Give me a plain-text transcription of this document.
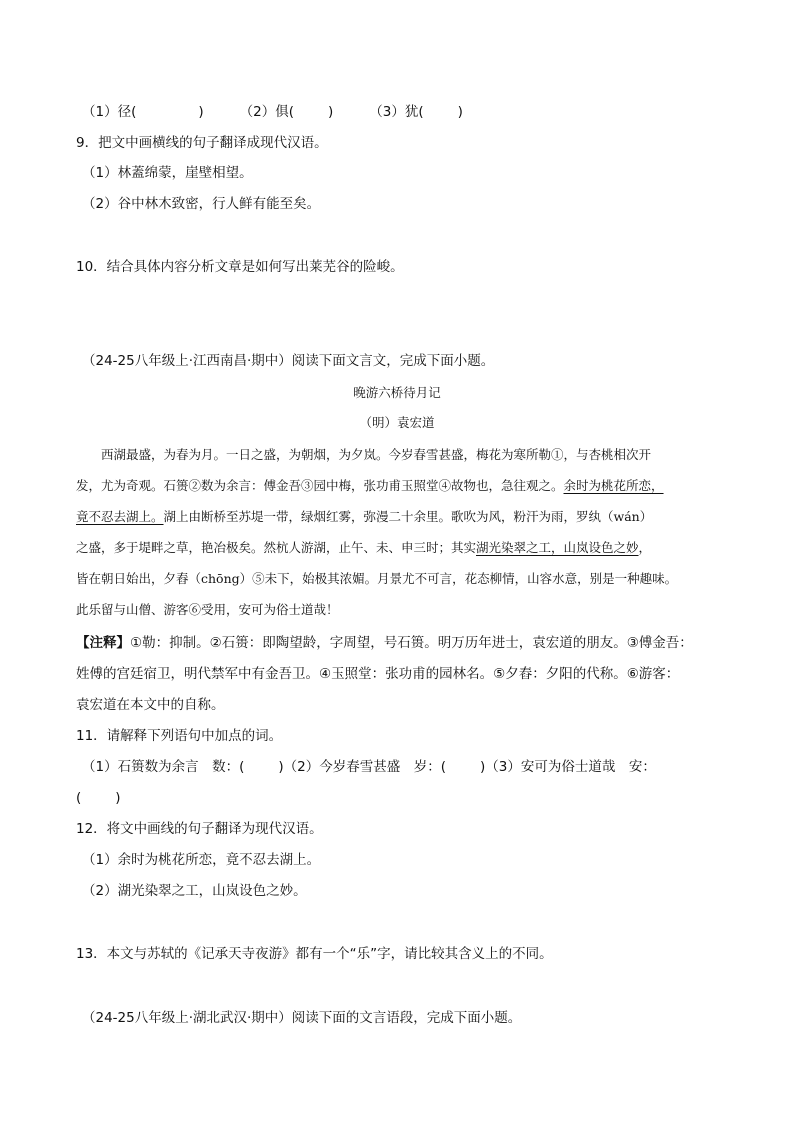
（1）径(	)	（2）俱(	)	（3）犹(	)
9．把文中画横线的句子翻译成现代汉语。
（1）林蓋绵蒙，崖壁相望。
（2）谷中林木致密，行人鲜有能至矣。
10．结合具体内容分析文章是如何写出莱芜谷的险峻。
（24-25八年级上·江西南昌·期中）阅读下面文言文，完成下面小题。
晚游六桥待月记
（明）袁宏道
西湖最盛，为春为月。一日之盛，为朝烟，为夕岚。今岁春雪甚盛，梅花为寒所勒①，与杏桃相次开
发，尤为奇观。石篑②数为余言：傅金吾③园中梅，张功甫玉照堂④故物也，急往观之。余时为桃花所恋，
竟不忍去湖上。湖上由断桥至苏堤一带，绿烟红雾，弥漫二十余里。歌吹为风，粉汗为雨，罗纨（wán）
之盛，多于堤畔之草，艳冶极矣。然杭人游湖，止午、未、申三时；其实湖光染翠之工，山岚设色之妙，
皆在朝日始出，夕舂（chōng）⑤未下，始极其浓媚。月景尤不可言，花态柳情，山容水意，别是一种趣味。
此乐留与山僧、游客⑥受用，安可为俗士道哉！
【注释】①勒：抑制。②石篑：即陶望龄，字周望，号石篑。明万历年进士，袁宏道的朋友。③傅金吾：
姓傅的宫廷宿卫，明代禁军中有金吾卫。④玉照堂：张功甫的园林名。⑤夕舂：夕阳的代称。⑥游客：
袁宏道在本文中的自称。
11．请解释下列语句中加点的词。
（1）石篑数为余言　数：(	)（2）今岁春雪甚盛　岁：(	)（3）安可为俗士道哉　安：
(	)
12．将文中画线的句子翻译为现代汉语。
（1）余时为桃花所恋，竟不忍去湖上。
（2）湖光染翠之工，山岚设色之妙。
13．本文与苏轼的《记承天寺夜游》都有一个“乐”字，请比较其含义上的不同。
（24-25八年级上·湖北武汉·期中）阅读下面的文言语段，完成下面小题。
